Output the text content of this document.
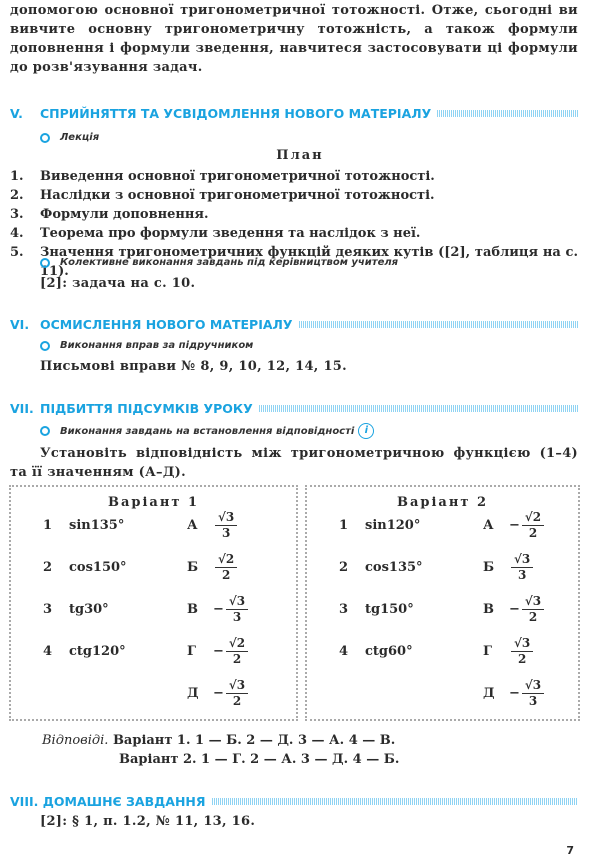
допомогою основної тригонометричної тотожності. Отже, сьогодні ви вивчите основну тригонометричну тотожність, а також формули доповнення і формули зведення, навчитеся застосовувати ці формули до розв'язування задач.
V.	СПРИЙНЯТТЯ ТА УСВІДОМЛЕННЯ НОВОГО МАТЕРІАЛУ
Лекція
План
1.	Виведення основної тригонометричної тотожності.
2.	Наслідки з основної тригонометричної тотожності.
3.	Формули доповнення.
4.	Теорема про формули зведення та наслідок з неї.
5.	Значення тригонометричних функцій деяких кутів ([2], таблиця на с. 11).
Колективне виконання завдань під керівництвом учителя
[2]: задача на с. 10.
VI. ОСМИСЛЕННЯ НОВОГО МАТЕРІАЛУ
Виконання вправ за підручником
Письмові вправи № 8, 9, 10, 12, 14, 15.
VII. ПІДБИТТЯ ПІДСУМКІВ УРОКУ
Виконання завдань на встановлення відповідності	i
Установіть відповідність між тригонометричною функцією (1–4) та її значенням (А–Д).
Варіант 1
1 sin135°	А $\frac{√3}{3}$
2 cos150°	Б $\frac{√2}{2}$
3 tg30°	$В - \frac{√3}{3}$
4 ctg120°	$Г - \frac{√2}{2}$
$Д - \frac{√3}{2}$
Варіант 2
1 sin120°	$А - \frac{√2}{2}$
2 cos135°	Б $\frac{√3}{3}$
3 tg150°	$В - \frac{√3}{2}$
4 ctg60°	Г $\frac{√3}{2}$
$Д - \frac{√3}{3}$
Відповіді. Варіант 1. 1 — Б. 2 — Д. 3 — А. 4 — В.
Варіант 2. 1 — Г. 2 — А. 3 — Д. 4 — Б.
VIII.
ДОМАШНЄ ЗАВДАННЯ
[2]: § 1, п. 1.2, № 11, 13, 16.
7
